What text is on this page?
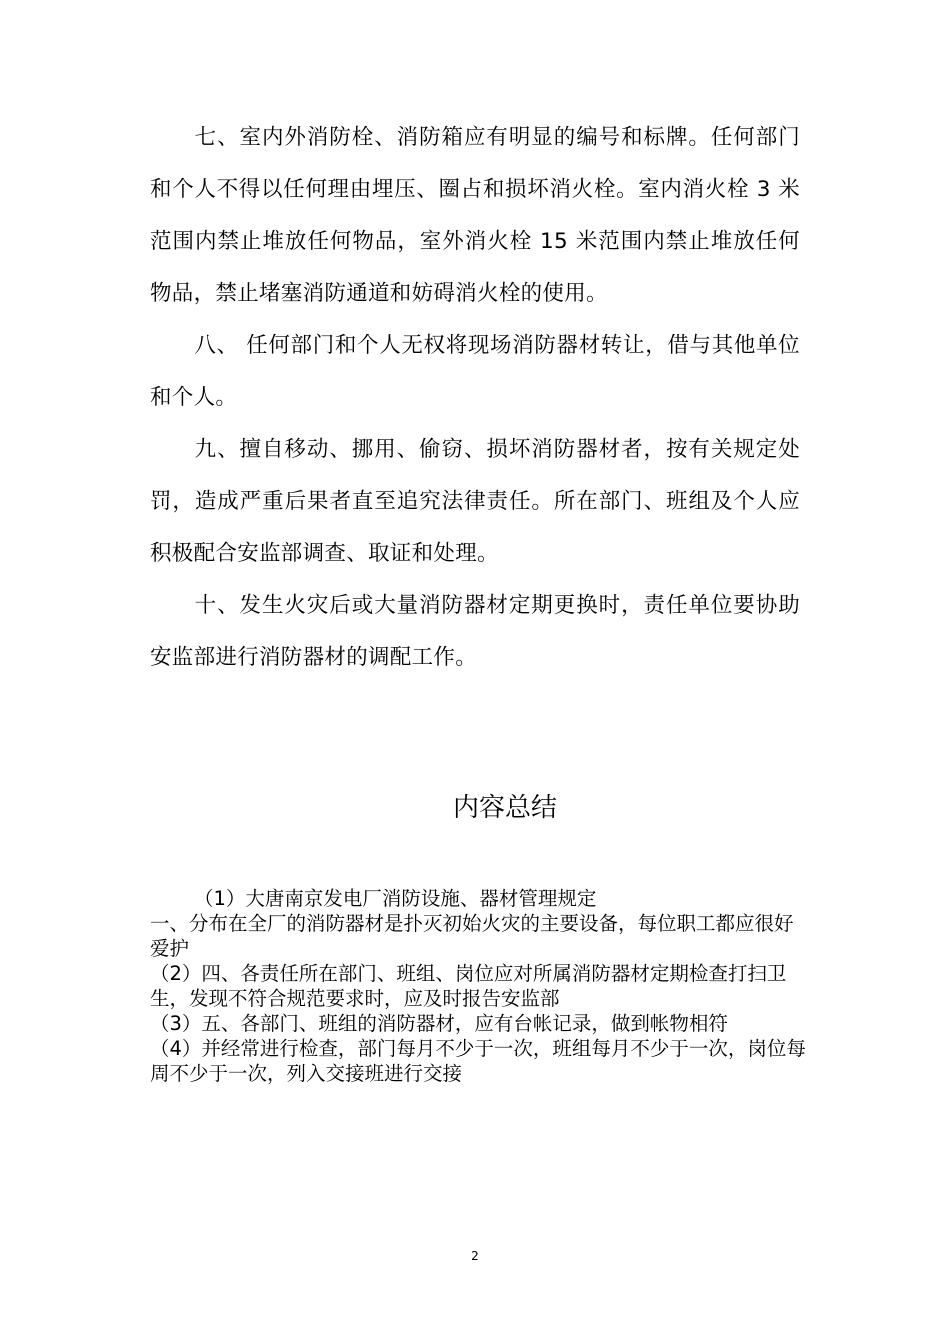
七、室内外消防栓、消防箱应有明显的编号和标牌。任何部门和个人不得以任何理由埋压、圈占和损坏消火栓。室内消火栓 3 米范围内禁止堆放任何物品，室外消火栓 15 米范围内禁止堆放任何物品，禁止堵塞消防通道和妨碍消火栓的使用。

八、 任何部门和个人无权将现场消防器材转让，借与其他单位和个人。

九、擅自移动、挪用、偷窃、损坏消防器材者，按有关规定处罚，造成严重后果者直至追究法律责任。所在部门、班组及个人应积极配合安监部调查、取证和处理。

十、发生火灾后或大量消防器材定期更换时，责任单位要协助安监部进行消防器材的调配工作。

内容总结
（1）大唐南京发电厂消防设施、器材管理规定
一、分布在全厂的消防器材是扑灭初始火灾的主要设备，每位职工都应很好爱护
（2）四、各责任所在部门、班组、岗位应对所属消防器材定期检查打扫卫生，发现不符合规范要求时，应及时报告安监部
（3）五、各部门、班组的消防器材，应有台帐记录，做到帐物相符
（4）并经常进行检查，部门每月不少于一次，班组每月不少于一次，岗位每周不少于一次，列入交接班进行交接
2
